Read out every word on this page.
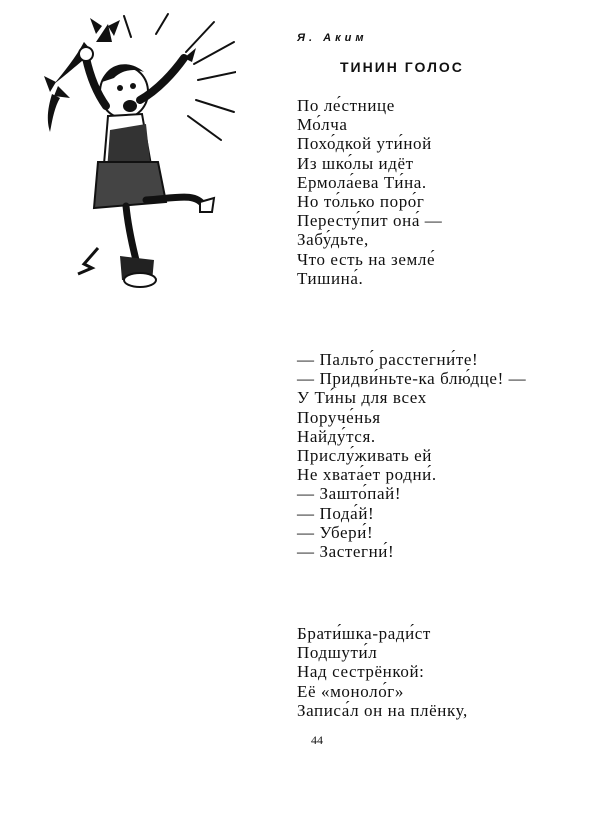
Я. Аким
ТИНИН ГОЛОС
По ле́стнице
Мо́лча
Похо́дкой ути́ной
Из шко́лы идёт
Ермола́ева Ти́на.
Но то́лько поро́г
Пересту́пит она́ —
Забу́дьте,
Что есть на земле́
Тишина́.
— Пальто́ расстегни́те!
— Придви́ньте-ка блю́дце! —
У Ти́ны для всех
Поруче́нья
Найду́тся.
Прислу́живать ей
Не хвата́ет родни́.
— Зашто́пай!
— Пода́й!
— Убери́!
— Застегни́!
Брати́шка-ради́ст
Подшути́л
Над сестрёнкой:
Её «моноло́г»
Записа́л он на плёнку,
44
